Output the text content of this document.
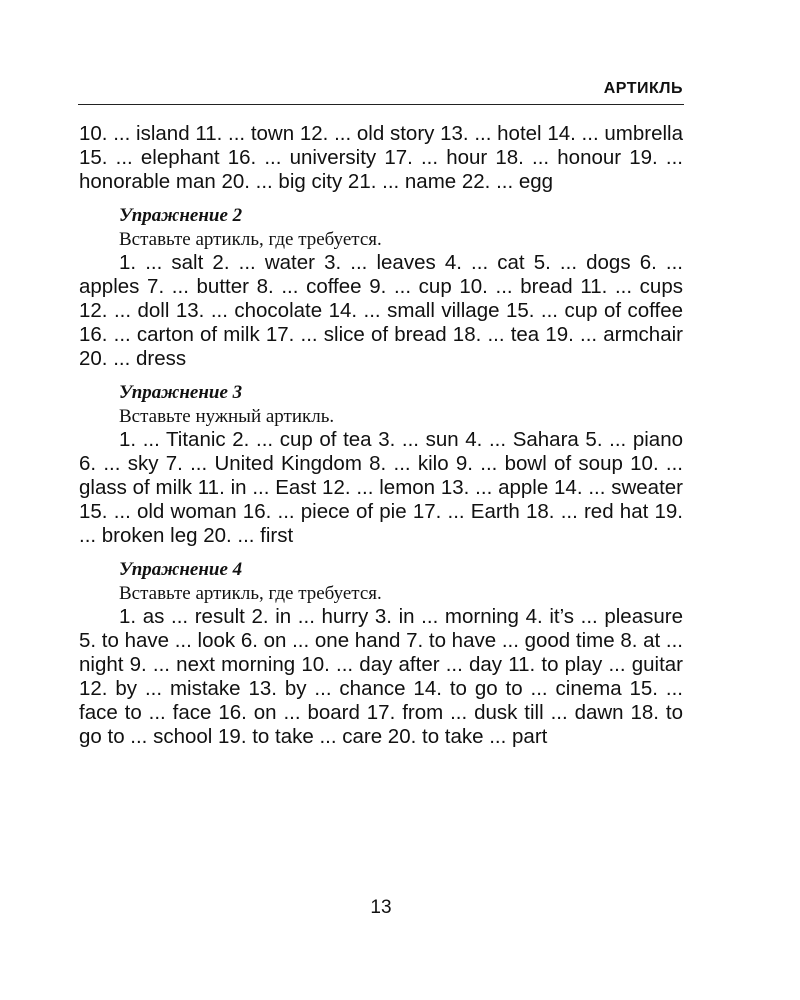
АРТИКЛЬ

10. ... island 11. ... town 12. ... old story 13. ... hotel 14. ... umbrella 15. ... elephant 16. ... university 17. ... hour 18. ... honour 19. ... honorable man 20. ... big city 21. ... name 22. ... egg

Упражнение 2
Вставьте артикль, где требуется.

1. ... salt 2. ... water 3. ... leaves 4. ... cat 5. ... dogs 6. ... apples 7. ... butter 8. ... coffee 9. ... cup 10. ... bread 11. ... cups 12. ... doll 13. ... chocolate 14. ... small village 15. ... cup of coffee 16. ... carton of milk 17. ... slice of bread 18. ... tea 19. ... armchair 20. ... dress

Упражнение 3
Вставьте нужный артикль.

1. ... Titanic 2. ... cup of tea 3. ... sun 4. ... Sahara 5. ... piano 6. ... sky 7. ... United Kingdom 8. ... kilo 9. ... bowl of soup 10. ... glass of milk 11. in ... East 12. ... lemon 13. ... apple 14. ... sweater 15. ... old woman 16. ... piece of pie 17. ... Earth 18. ... red hat 19. ... broken leg 20. ... first

Упражнение 4
Вставьте артикль, где требуется.

1. as ... result 2. in ... hurry 3. in ... morning 4. it’s ... pleasure 5. to have ... look 6. on ... one hand 7. to have ... good time 8. at ... night 9. ... next morning 10. ... day after ... day 11. to play ... guitar 12. by ... mistake 13. by ... chance 14. to go to ... cinema 15. ... face to ... face 16. on ... board 17. from ... dusk till ... dawn 18. to go to ... school 19. to take ... care 20. to take ... part

13
